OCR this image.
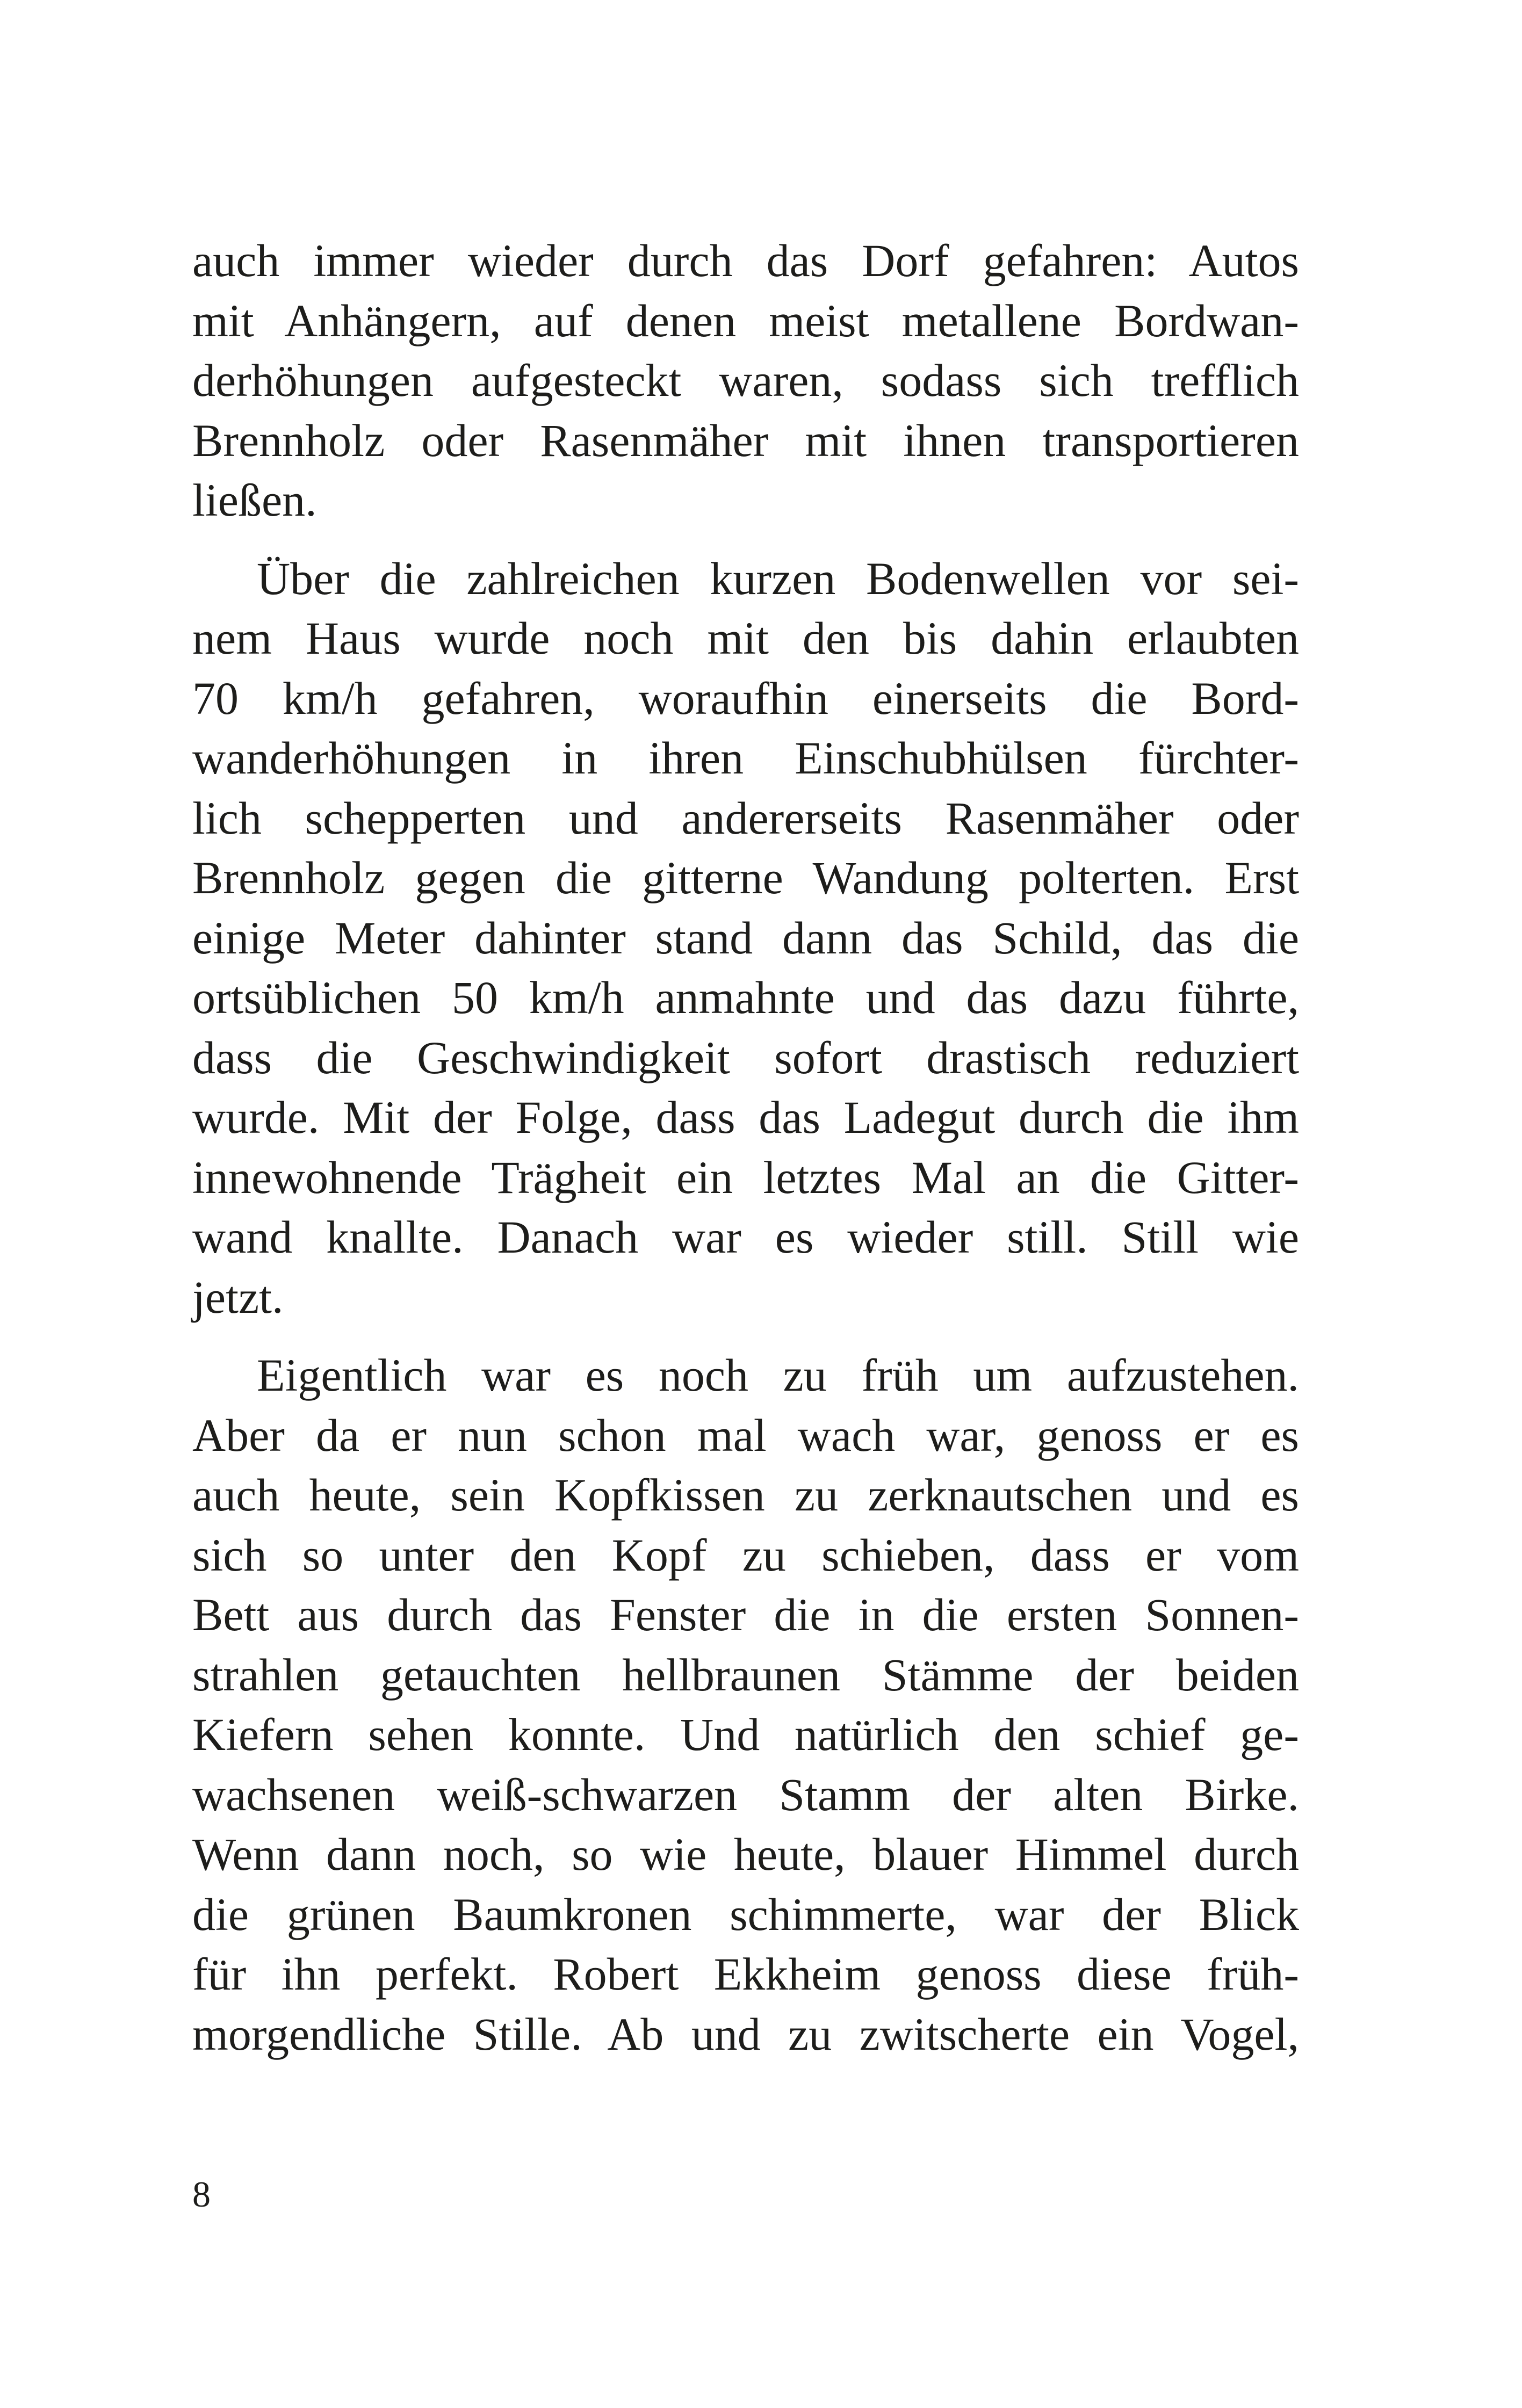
auch immer wieder durch das Dorf gefahren: Autos
mit Anhängern, auf denen meist metallene Bordwan-
derhöhungen aufgesteckt waren, sodass sich trefflich
Brennholz oder Rasenmäher mit ihnen transportieren
ließen.
Über die zahlreichen kurzen Bodenwellen vor sei-
nem Haus wurde noch mit den bis dahin erlaubten
70 km/h gefahren, woraufhin einerseits die Bord-
wanderhöhungen in ihren Einschubhülsen fürchter-
lich schepperten und andererseits Rasenmäher oder
Brennholz gegen die gitterne Wandung polterten. Erst
einige Meter dahinter stand dann das Schild, das die
ortsüblichen 50 km/h anmahnte und das dazu führte,
dass die Geschwindigkeit sofort drastisch reduziert
wurde. Mit der Folge, dass das Ladegut durch die ihm
innewohnende Trägheit ein letztes Mal an die Gitter-
wand knallte. Danach war es wieder still. Still wie
jetzt.
Eigentlich war es noch zu früh um aufzustehen.
Aber da er nun schon mal wach war, genoss er es
auch heute, sein Kopfkissen zu zerknautschen und es
sich so unter den Kopf zu schieben, dass er vom
Bett aus durch das Fenster die in die ersten Sonnen-
strahlen getauchten hellbraunen Stämme der beiden
Kiefern sehen konnte. Und natürlich den schief ge-
wachsenen weiß-schwarzen Stamm der alten Birke.
Wenn dann noch, so wie heute, blauer Himmel durch
die grünen Baumkronen schimmerte, war der Blick
für ihn perfekt. Robert Ekkheim genoss diese früh-
morgendliche Stille. Ab und zu zwitscherte ein Vogel,
8
